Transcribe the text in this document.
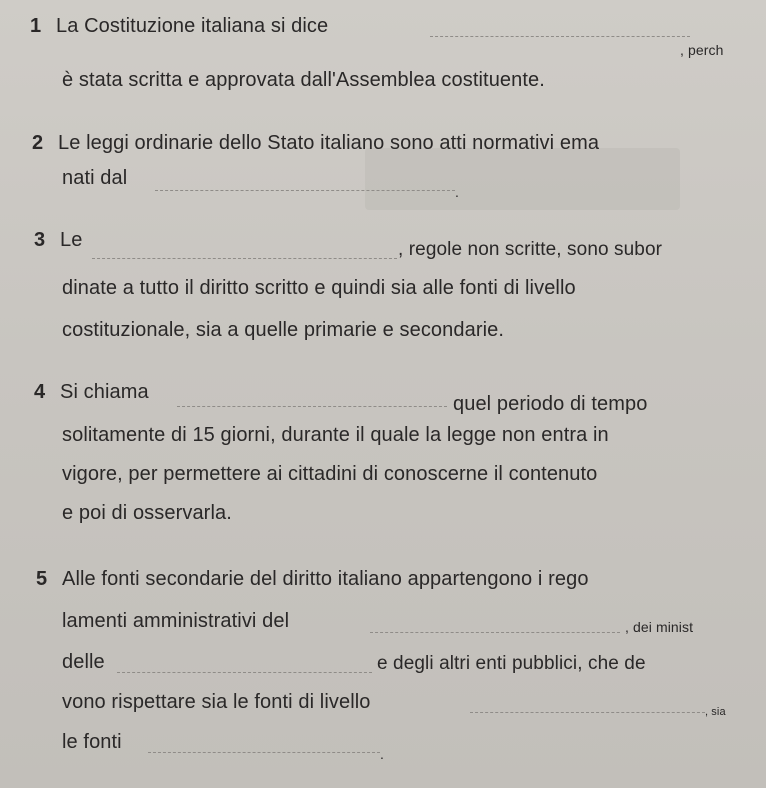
1 La Costituzione italiana si dice
, perch
è stata scritta e approvata dall'Assemblea costituente.
2 Le leggi ordinarie dello Stato italiano sono atti normativi ema
nati dal
.
3 Le	, regole non scritte, sono subor
dinate a tutto il diritto scritto e quindi sia alle fonti di livello
costituzionale, sia a quelle primarie e secondarie.
4 Si chiama
quel periodo di tempo
solitamente di 15 giorni, durante il quale la legge non entra in
vigore, per permettere ai cittadini di conoscerne il contenuto
e poi di osservarla.
5 Alle fonti secondarie del diritto italiano appartengono i rego
lamenti amministrativi del	, dei minist
delle	e degli altri enti pubblici, che de
vono rispettare sia le fonti di livello	, sia
le fonti
.
